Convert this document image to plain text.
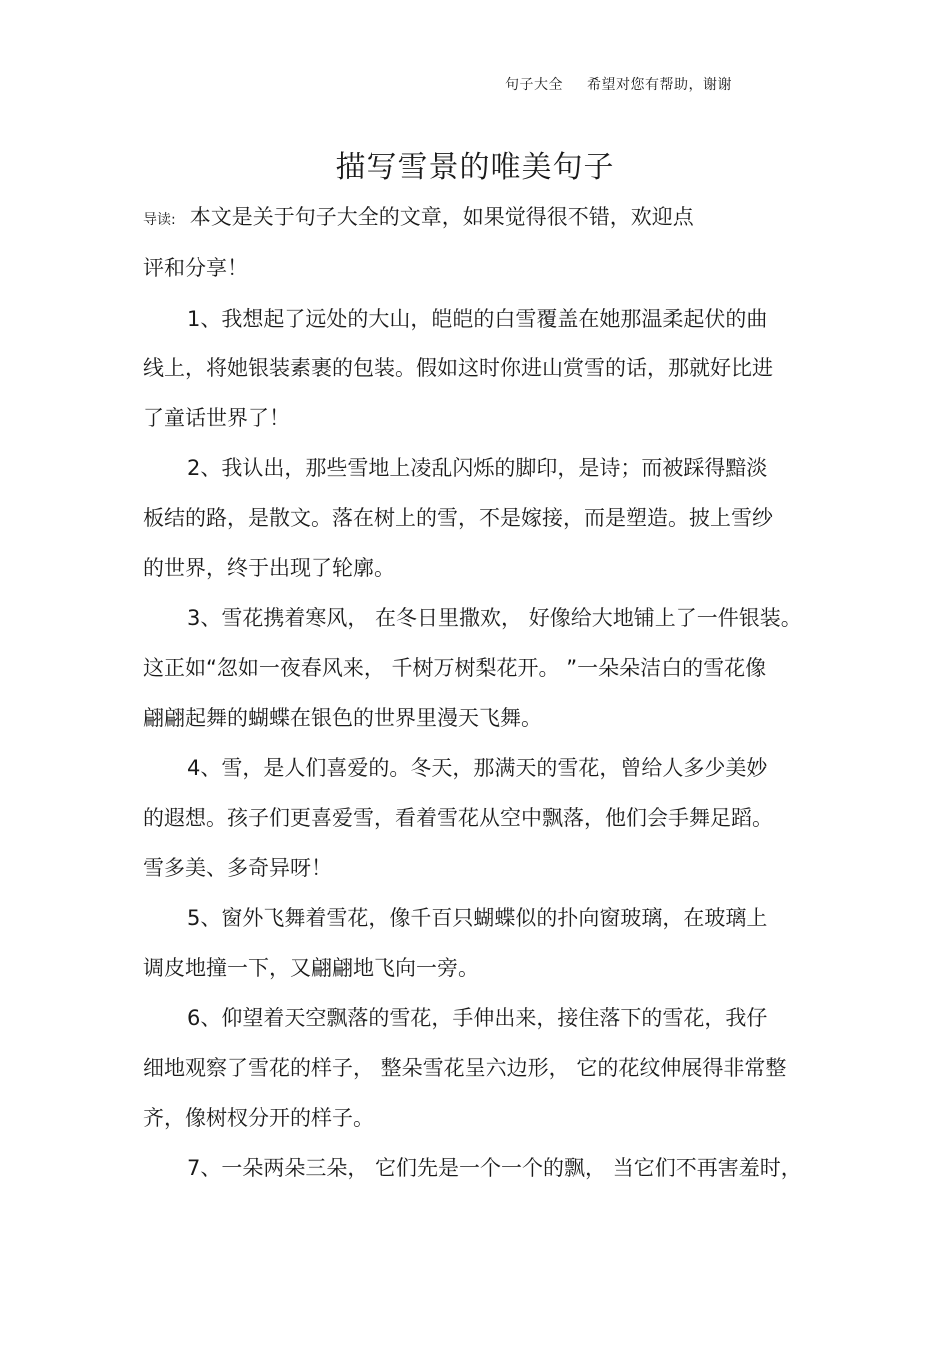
句子大全 希望对您有帮助，谢谢
描写雪景的唯美句子
导读: 本文是关于句子大全的文章，如果觉得很不错，欢迎点
评和分享！
1、我想起了远处的大山，皑皑的白雪覆盖在她那温柔起伏的曲
线上，将她银装素裹的包装。假如这时你进山赏雪的话，那就好比进
了童话世界了！
2、我认出，那些雪地上凌乱闪烁的脚印，是诗；而被踩得黯淡
板结的路，是散文。落在树上的雪，不是嫁接，而是塑造。披上雪纱
的世界，终于出现了轮廓。
3、雪花携着寒风， 在冬日里撒欢， 好像给大地铺上了一件银装。
这正如“忽如一夜春风来， 千树万树梨花开。 ”一朵朵洁白的雪花像
翩翩起舞的蝴蝶在银色的世界里漫天飞舞。
4、雪，是人们喜爱的。冬天，那满天的雪花，曾给人多少美妙
的遐想。孩子们更喜爱雪，看着雪花从空中飘落，他们会手舞足蹈。
雪多美、多奇异呀！
5、窗外飞舞着雪花，像千百只蝴蝶似的扑向窗玻璃，在玻璃上
调皮地撞一下，又翩翩地飞向一旁。
6、仰望着天空飘落的雪花，手伸出来，接住落下的雪花，我仔
细地观察了雪花的样子， 整朵雪花呈六边形， 它的花纹伸展得非常整
齐，像树杈分开的样子。
7、一朵两朵三朵， 它们先是一个一个的飘， 当它们不再害羞时，
